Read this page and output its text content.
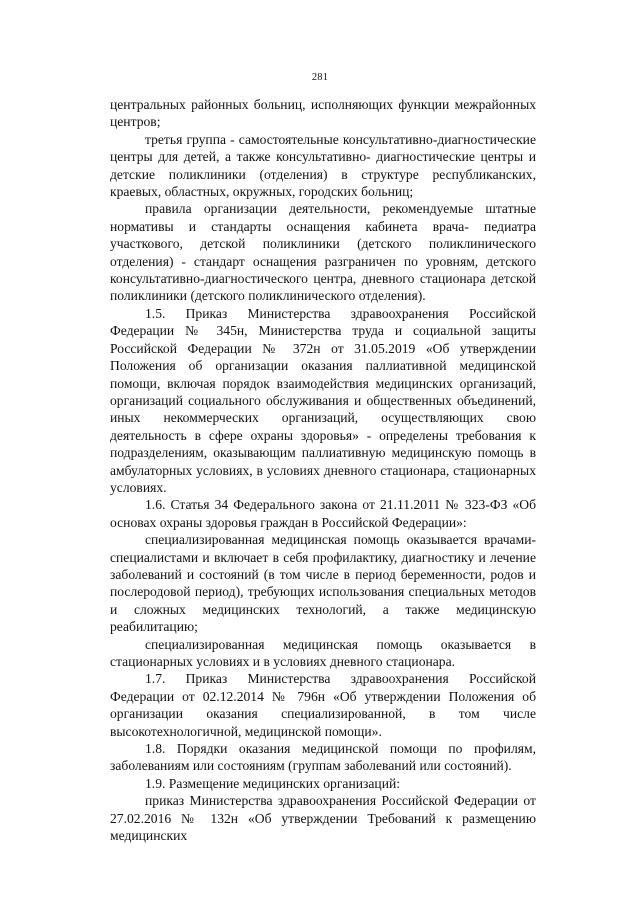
281

центральных районных больниц, исполняющих функции межрайонных центров;

третья группа - самостоятельные консультативно-диагностические центры для детей, а также консультативно- диагностические центры и детские поликлиники (отделения) в структуре республиканских, краевых, областных, окружных, городских больниц;

правила организации деятельности, рекомендуемые штатные нормативы и стандарты оснащения кабинета врача- педиатра участкового, детской поликлиники (детского поликлинического отделения) - стандарт оснащения разграничен по уровням, детского консультативно-диагностического центра, дневного стационара детской поликлиники (детского поликлинического отделения).

1.5. Приказ Министерства здравоохранения Российской Федерации № 345н, Министерства труда и социальной защиты Российской Федерации № 372н от 31.05.2019 «Об утверждении Положения об организации оказания паллиативной медицинской помощи, включая порядок взаимодействия медицинских организаций, организаций социального обслуживания и общественных объединений, иных некоммерческих организаций, осуществляющих свою деятельность в сфере охраны здоровья» - определены требования к подразделениям, оказывающим паллиативную медицинскую помощь в амбулаторных условиях, в условиях дневного стационара, стационарных условиях.

1.6. Статья 34 Федерального закона от 21.11.2011 № 323-ФЗ «Об основах охраны здоровья граждан в Российской Федерации»:

специализированная медицинская помощь оказывается врачами-специалистами и включает в себя профилактику, диагностику и лечение заболеваний и состояний (в том числе в период беременности, родов и послеродовой период), требующих использования специальных методов и сложных медицинских технологий, а также медицинскую реабилитацию;

специализированная медицинская помощь оказывается в стационарных условиях и в условиях дневного стационара.

1.7. Приказ Министерства здравоохранения Российской Федерации от 02.12.2014 № 796н «Об утверждении Положения об организации оказания специализированной, в том числе высокотехнологичной, медицинской помощи».

1.8. Порядки оказания медицинской помощи по профилям, заболеваниям или состояниям (группам заболеваний или состояний).

1.9. Размещение медицинских организаций:

приказ Министерства здравоохранения Российской Федерации от 27.02.2016 № 132н «Об утверждении Требований к размещению медицинских
